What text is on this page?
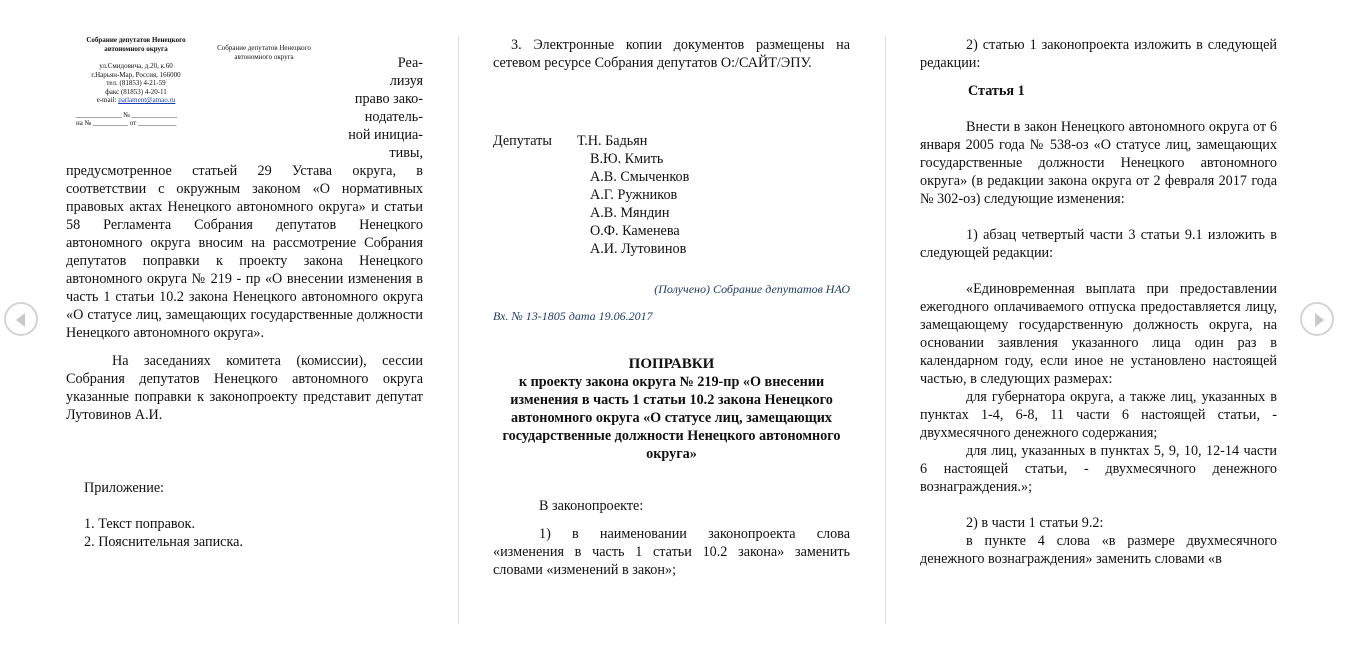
Собрание депутатов Ненецкого автономного округа
ул.Смидовича, д.20, к.60
г.Нарьян-Мар, Россия, 166000
тел. (81853) 4-21-59
факс (81853) 4-20-11
e-mail: parlament@atnao.ru
_____________ № _____________
на № __________ от ___________
Собрание депутатов Ненецкого автономного округа	Реа-
лизуя
право зако-
нодатель-
ной инициа-
тивы,

предусмотренное статьей 29 Устава округа, в соответствии с окружным законом «О нормативных правовых актах Ненецкого автономного округа» и статьи 58 Регламента Собрания депутатов Ненецкого автономного округа вносим на рассмотрение Собрания депутатов поправки к проекту закона Ненецкого автономного округа № 219 - пр «О внесении изменения в часть 1 статьи 10.2 закона Ненецкого автономного округа «О статусе лиц, замещающих государственные должности Ненецкого автономного округа».

На заседаниях комитета (комиссии), сессии Собрания депутатов Ненецкого автономного округа указанные поправки к законопроекту представит депутат Лутовинов А.И.

Приложение:

1. Текст поправок.

2. Пояснительная записка.

3. Электронные копии документов размещены на сетевом ресурсе Собрания депутатов О:/САЙТ/ЭПУ.

Депутаты	Т.Н. Бадьян
В.Ю. Кмить
А.В. Смыченков
А.Г. Ружников
А.В. Мяндин
О.Ф. Каменева
А.И. Лутовинов
(Получено) Собрание депутатов НАО
Вх. № 13-1805 дата 19.06.2017
ПОПРАВКИ
к проекту закона округа № 219-пр «О внесении изменения в часть 1 статьи 10.2 закона Ненецкого автономного округа «О статусе лиц, замещающих государственные должности Ненецкого автономного округа»

В законопроекте:

1) в наименовании законопроекта слова «изменения в часть 1 статьи 10.2 закона» заменить словами «изменений в закон»;

2) статью 1 законопроекта изложить в следующей редакции:

Статья 1

Внести в закон Ненецкого автономного округа от 6 января 2005 года № 538-оз «О статусе лиц, замещающих государственные должности Ненецкого автономного округа» (в редакции закона округа от 2 февраля 2017 года № 302-оз) следующие изменения:

1) абзац четвертый части 3 статьи 9.1 изложить в следующей редакции:

«Единовременная выплата при предоставлении ежегодного оплачиваемого отпуска предоставляется лицу, замещающему государственную должность округа, на основании заявления указанного лица один раз в календарном году, если иное не установлено настоящей частью, в следующих размерах:

для губернатора округа, а также лиц, указанных в пунктах 1-4, 6-8, 11 части 6 настоящей статьи, - двухмесячного денежного содержания;

для лиц, указанных в пунктах 5, 9, 10, 12-14 части 6 настоящей статьи, - двухмесячного денежного вознаграждения.»;

2) в части 1 статьи 9.2:

в пункте 4 слова «в размере двухмесячного денежного вознаграждения» заменить словами «в
